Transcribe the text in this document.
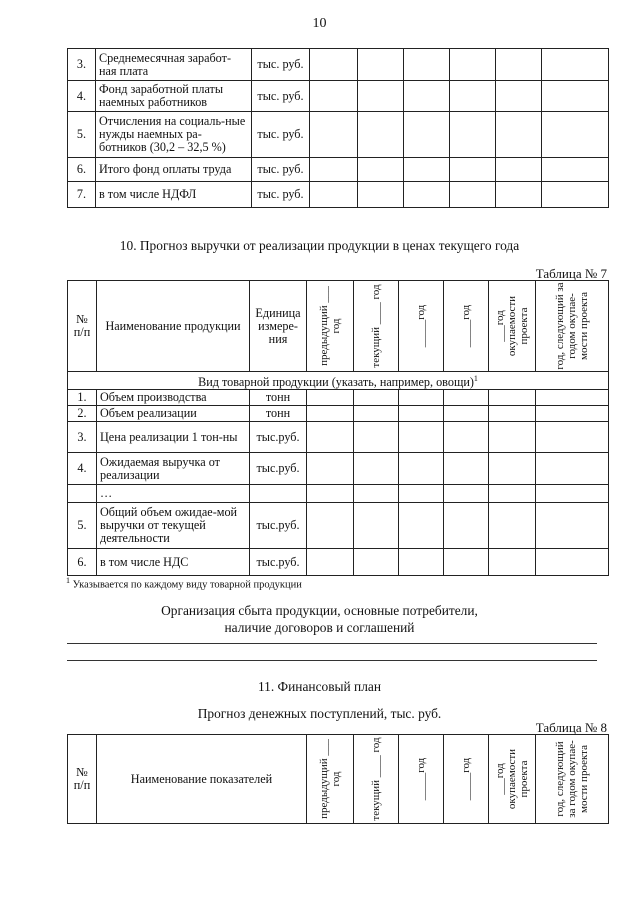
10
3.	Среднемесячная заработ-ная плата	тыс. руб.						
4.	Фонд заработной платы наемных работников	тыс. руб.						
5.	Отчисления на социаль-ные нужды наемных ра-ботников (30,2 – 32,5 %)	тыс. руб.						
6.	Итого фонд оплаты труда	тыс. руб.						
7.	в том числе НДФЛ	тыс. руб.						
10. Прогноз выручки от реализации продукции в ценах текущего года
Таблица № 7
№ п/п	Наименование продукции	Единица измере-ния	предыдущий ___ год	текущий ____ год	_____год	_____год	___год окупаемости проекта	год, следующий за годом окупае-мости проекта

Вид товарной продукции (указать, например, овощи)$^1$
1.	Объем производства	тонн						
2.	Объем реализации	тонн						
3.	Цена реализации 1 тон-ны	тыс.руб.						
4.	Ожидаемая выручка от реализации	тыс.руб.						
	…							
5.	Общий объем ожидае-мой выручки от текущей деятельности	тыс.руб.						
6.	в том числе НДС	тыс.руб.						
$^1$ Указывается по каждому виду товарной продукции
Организация сбыта продукции, основные потребители,
наличие договоров и соглашений
11. Финансовый план
Прогноз денежных поступлений, тыс. руб.
Таблица № 8
№ п/п	Наименование показателей	предыдущий ___ год	текущий ____ год	_____год	_____год	___год окупаемости проекта	год, следующий за годом окупае-мости проекта
